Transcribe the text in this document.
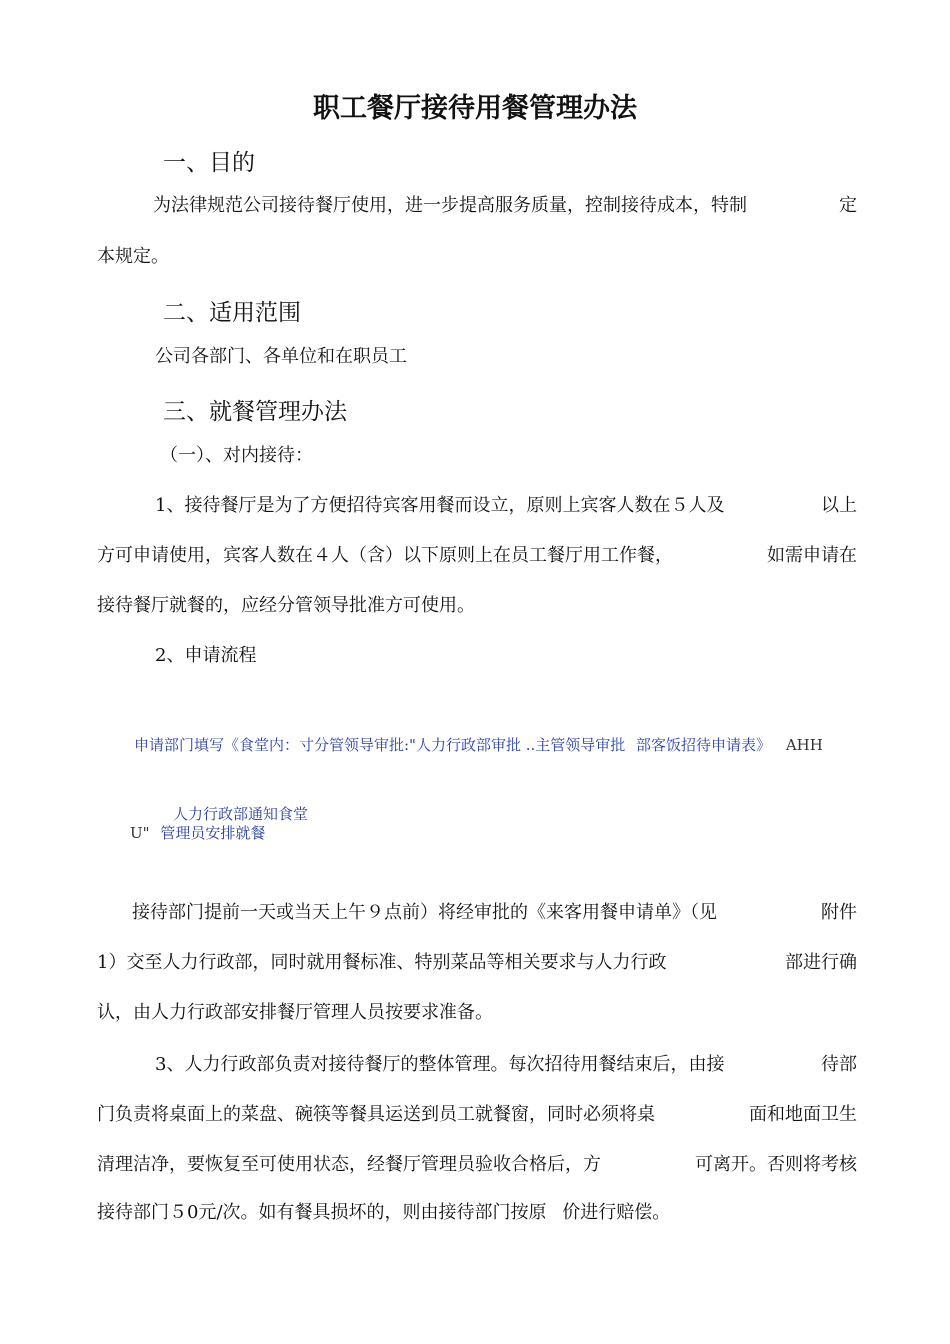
职工餐厅接待用餐管理办法
一、目的
为法律规范公司接待餐厅使用，进一步提高服务质量，控制接待成本，特制	定
本规定。
二、适用范围
公司各部门、各单位和在职员工
三、就餐管理办法
（一）、对内接待：
1、接待餐厅是为了方便招待宾客用餐而设立，原则上宾客人数在５人及	以上
方可申请使用，宾客人数在４人（含）以下原则上在员工餐厅用工作餐，	如需申请在
接待餐厅就餐的，应经分管领导批准方可使用。
2、申请流程
申请部门填写《食堂内：寸分管领导审批:"人力行政部审批 ..主管领导审批 部客饭招待申请表》 AHH
人力行政部通知食堂
U" 管理员安排就餐
接待部门提前一天或当天上午９点前）将经审批的《来客用餐申请单》（见	附件
1）交至人力行政部，同时就用餐标准、特别菜品等相关要求与人力行政	部进行确
认，由人力行政部安排餐厅管理人员按要求准备。
3、人力行政部负责对接待餐厅的整体管理。每次招待用餐结束后，由接	待部
门负责将桌面上的菜盘、碗筷等餐具运送到员工就餐窗，同时必须将桌	面和地面卫生
清理洁净，要恢复至可使用状态，经餐厅管理员验收合格后，方	可离开。否则将考核
接待部门５0元/次。如有餐具损坏的，则由接待部门按原 价进行赔偿。
